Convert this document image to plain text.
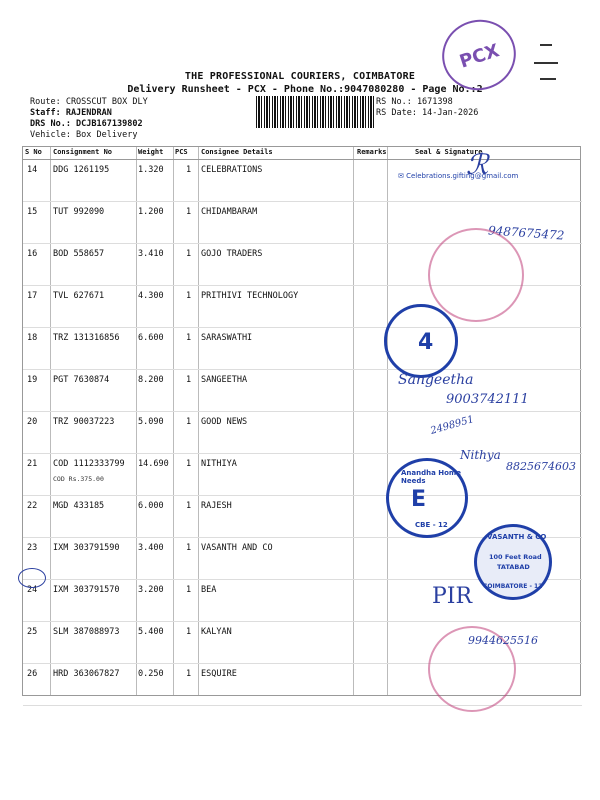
THE PROFESSIONAL COURIERS, COIMBATORE
Delivery Runsheet - PCX - Phone No.:9047080280 - Page No.:2
Route: CROSSCUT BOX DLY
Staff: RAJENDRAN
DRS No.: DCJB167139802
Vehicle: Box Delivery
RS No.: 1671398
RS Date: 14-Jan-2026
PCX
S No Consignment No	Weight PCS Consignee Details	Remarks	Seal & Signature
14 DDG 1261195	1.320	1 CELEBRATIONS
15 TUT 992090	1.200	1 CHIDAMBARAM
16 BOD 558657	3.410	1 GOJO TRADERS
17 TVL 627671	4.300	1 PRITHIVI TECHNOLOGY
18 TRZ 131316856 6.600	1 SARASWATHI
19 PGT 7630874	8.200	1 SANGEETHA
20 TRZ 90037223	5.090	1 GOOD NEWS
21 COD 1112333799 14.690 1 NITHIYA
COD Rs.375.00
22 MGD 433185	6.000	1 RAJESH
23 IXM 303791590 3.400	1 VASANTH AND CO
24 IXM 303791570 3.200	1 BEA
25 SLM 387088973 5.400	1 KALYAN
26 HRD 363067827 0.250	1 ESQUIRE
ℛ
✉ Celebrations.gifting@gmail.com
9487675472
4
Sangeetha
9003742111
2498951
Nithya
8825674603
Anandha Home Needs
E
CBE - 12
VASANTH & CO
100 Feet Road
TATABAD
COIMBATORE - 12
PIR
9944625516
